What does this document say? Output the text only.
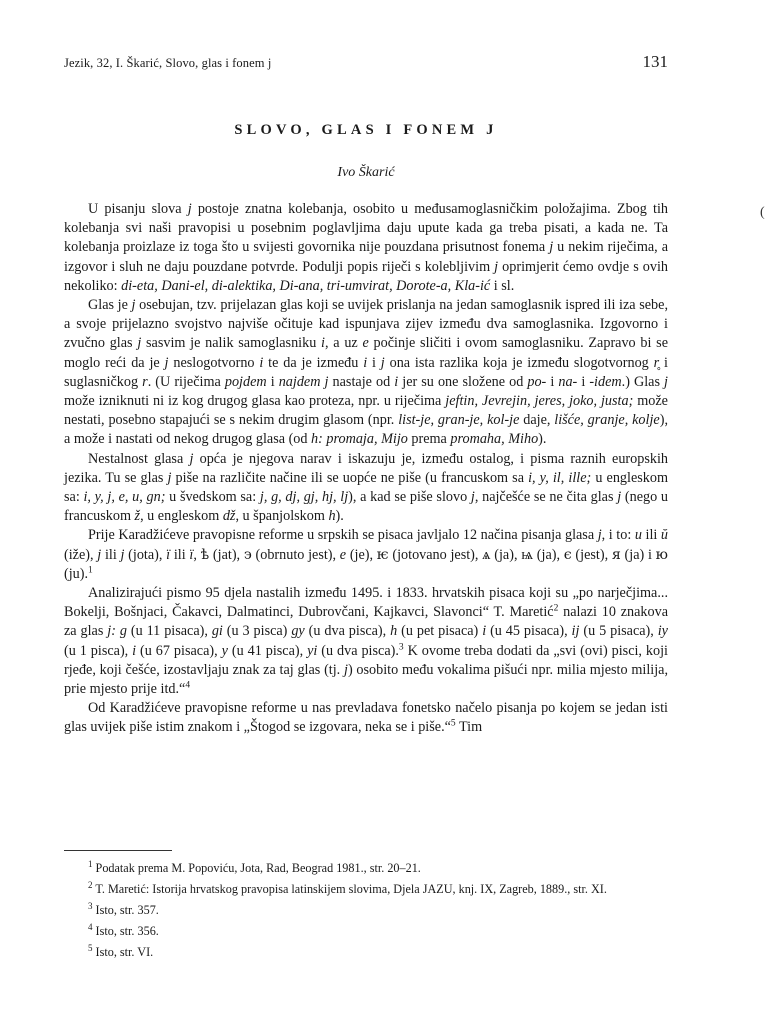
Jezik, 32, I. Škarić, Slovo, glas i fonem j	131
SLOVO, GLAS I FONEM J
Ivo Škarić
(

U pisanju slova j postoje znatna kolebanja, osobito u međusamoglasničkim položajima. Zbog tih kolebanja svi naši pravopisi u posebnim poglavljima daju upute kada ga treba pisati, a kada ne. Ta kolebanja proizlaze iz toga što u svijesti govornika nije pouzdana prisutnost fonema j u nekim riječima, a izgovor i sluh ne daju pouzdane potvrde. Podulji popis riječi s kolebljivim j oprimjerit ćemo ovdje s ovih nekoliko: di-eta, Dani-el, di-alektika, Di-ana, tri-umvirat, Dorote-a, Kla-ić i sl.

Glas je j osebujan, tzv. prijelazan glas koji se uvijek prislanja na jedan samoglasnik ispred ili iza sebe, a svoje prijelazno svojstvo najviše očituje kad ispunjava zijev između dva samoglasnika. Izgovorno i zvučno glas j sasvim je nalik samoglasniku i, a uz e počinje sličiti i ovom samoglasniku. Zapravo bi se moglo reći da je j neslogotvorno i te da je između i i j ona ista razlika koja je između slogotvornog r̥ i suglasničkog r. (U riječima pojdem i najdem j nastaje od i jer su one složene od po- i na- i -idem.) Glas j može izniknuti ni iz kog drugog glasa kao proteza, npr. u riječima jeftin, Jevrejin, jeres, joko, justa; može nestati, posebno stapajući se s nekim drugim glasom (npr. list-je, gran-je, kol-je daje, lišće, granje, kolje), a može i nastati od nekog drugog glasa (od h: promaja, Mijo prema promaha, Miho).

Nestalnost glasa j opća je njegova narav i iskazuju je, između ostalog, i pisma raznih europskih jezika. Tu se glas j piše na različite načine ili se uopće ne piše (u francuskom sa i, y, il, ille; u engleskom sa: i, y, j, e, u, gn; u švedskom sa: j, g, dj, gj, hj, lj), a kad se piše slovo j, najčešće se ne čita glas j (nego u francuskom ž, u engleskom dž, u španjolskom h).

Prije Karadžićeve pravopisne reforme u srpskih se pisaca javljalo 12 načina pisanja glasa j, i to: u ili ŭ (iže), j ili ј (jota), ї ili ї, ѣ (jat), э (obrnuto jest), e (je), ѥ (jotovano jest), ѧ (ja), ѩ (ja), є (jest), я (ja) i ю (ju).$^1$

Analizirajući pismo 95 djela nastalih između 1495. i 1833. hrvatskih pisaca koji su „po narječjima... Bokelji, Bošnjaci, Čakavci, Dalmatinci, Dubrovčani, Kajkavci, Slavonci“ T. Maretić$^2$ nalazi 10 znakova za glas j: g (u 11 pisaca), gi (u 3 pisca) gy (u dva pisca), h (u pet pisaca) i (u 45 pisaca), ij (u 5 pisaca), iy (u 1 pisca), i (u 67 pisaca), y (u 41 pisca), yi (u dva pisca).$^3$ K ovome treba dodati da „svi (ovi) pisci, koji rjeđe, koji češće, izostavljaju znak za taj glas (tj. j) osobito među vokalima pišući npr. milia mjesto milija, prie mjesto prije itd.“$^4$

Od Karadžićeve pravopisne reforme u nas prevladava fonetsko načelo pisanja po kojem se jedan isti glas uvijek piše istim znakom i „Štogod se izgovara, neka se i piše.“$^5$ Tim

$^1$ Podatak prema M. Popoviću, Jota, Rad, Beograd 1981., str. 20–21.

$^2$ T. Maretić: Istorija hrvatskog pravopisa latinskijem slovima, Djela JAZU, knj. IX, Zagreb, 1889., str. XI.

$^3$ Isto, str. 357.

$^4$ Isto, str. 356.

$^5$ Isto, str. VI.
